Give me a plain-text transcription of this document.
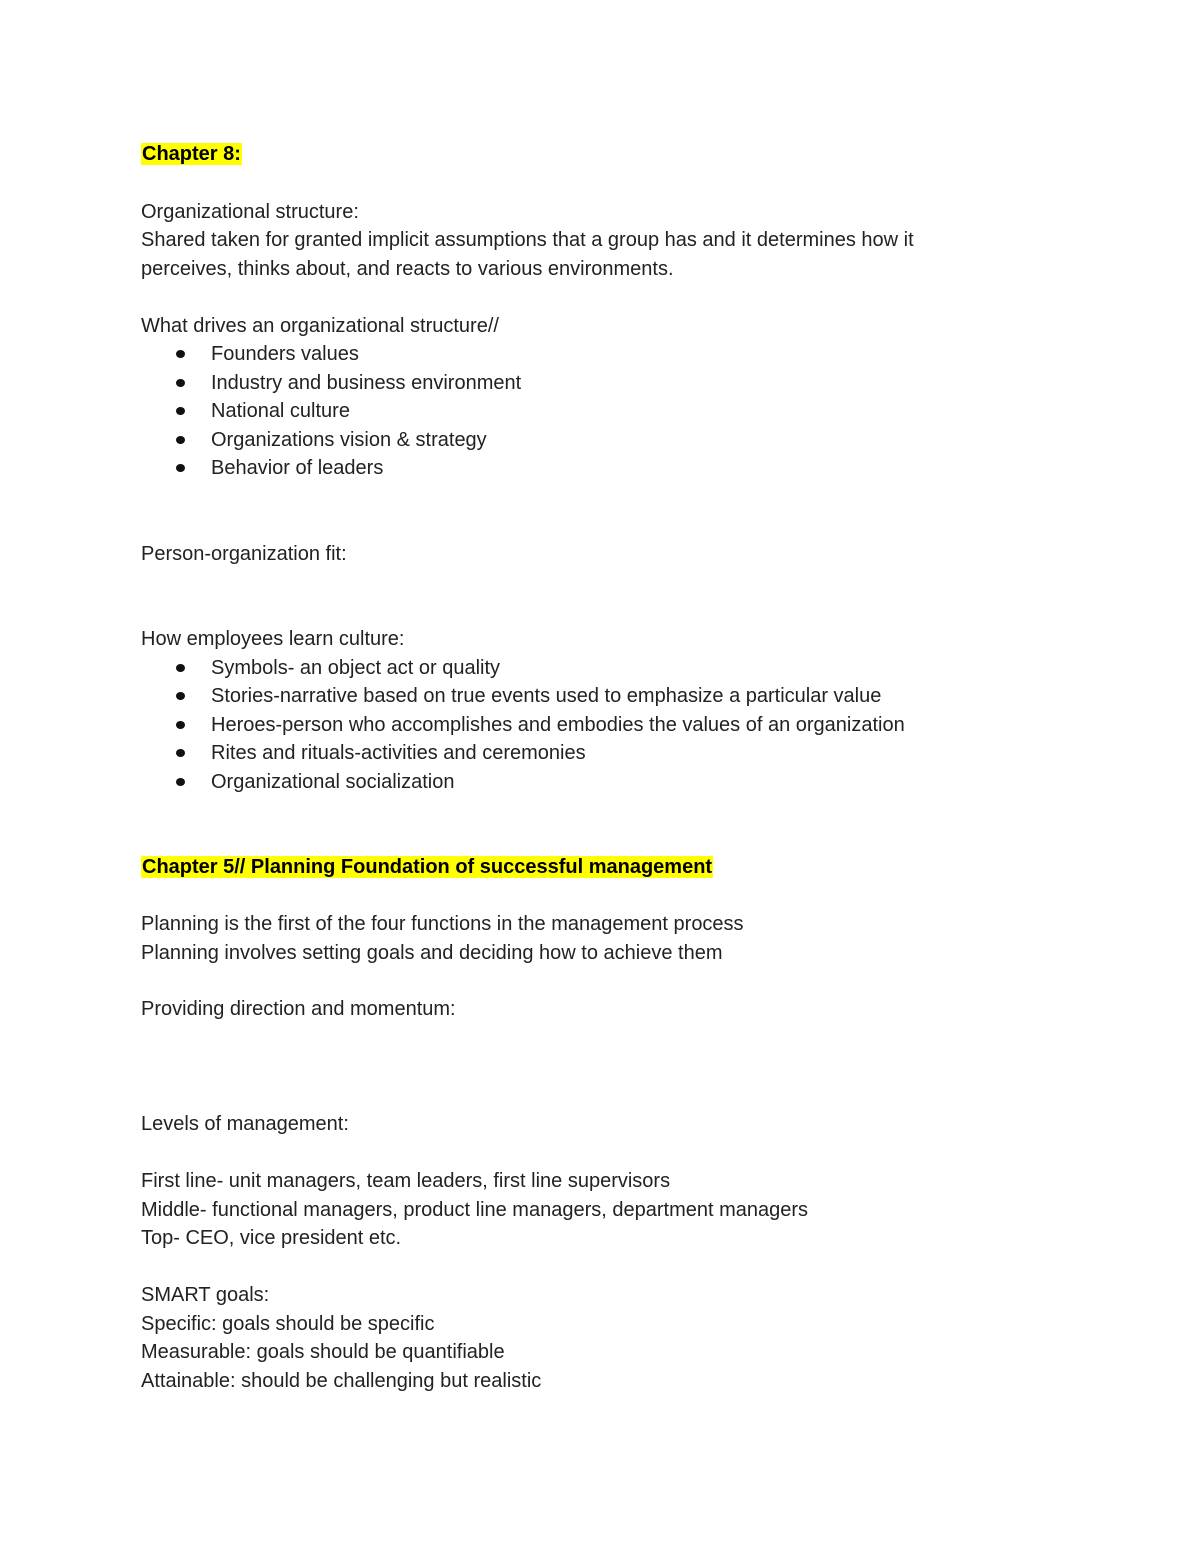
Chapter 8:
Organizational structure:
Shared taken for granted implicit assumptions that a group has and it determines how it
perceives, thinks about, and reacts to various environments.
What drives an organizational structure//
Founders values
Industry and business environment
National culture
Organizations vision & strategy
Behavior of leaders
Person-organization fit:
How employees learn culture:
Symbols- an object act or quality
Stories-narrative based on true events used to emphasize a particular value
Heroes-person who accomplishes and embodies the values of an organization
Rites and rituals-activities and ceremonies
Organizational socialization
Chapter 5// Planning Foundation of successful management
Planning is the first of the four functions in the management process
Planning involves setting goals and deciding how to achieve them
Providing direction and momentum:
Levels of management:
First line- unit managers, team leaders, first line supervisors
Middle- functional managers, product line managers, department managers
Top- CEO, vice president etc.
SMART goals:
Specific: goals should be specific
Measurable: goals should be quantifiable
Attainable: should be challenging but realistic
